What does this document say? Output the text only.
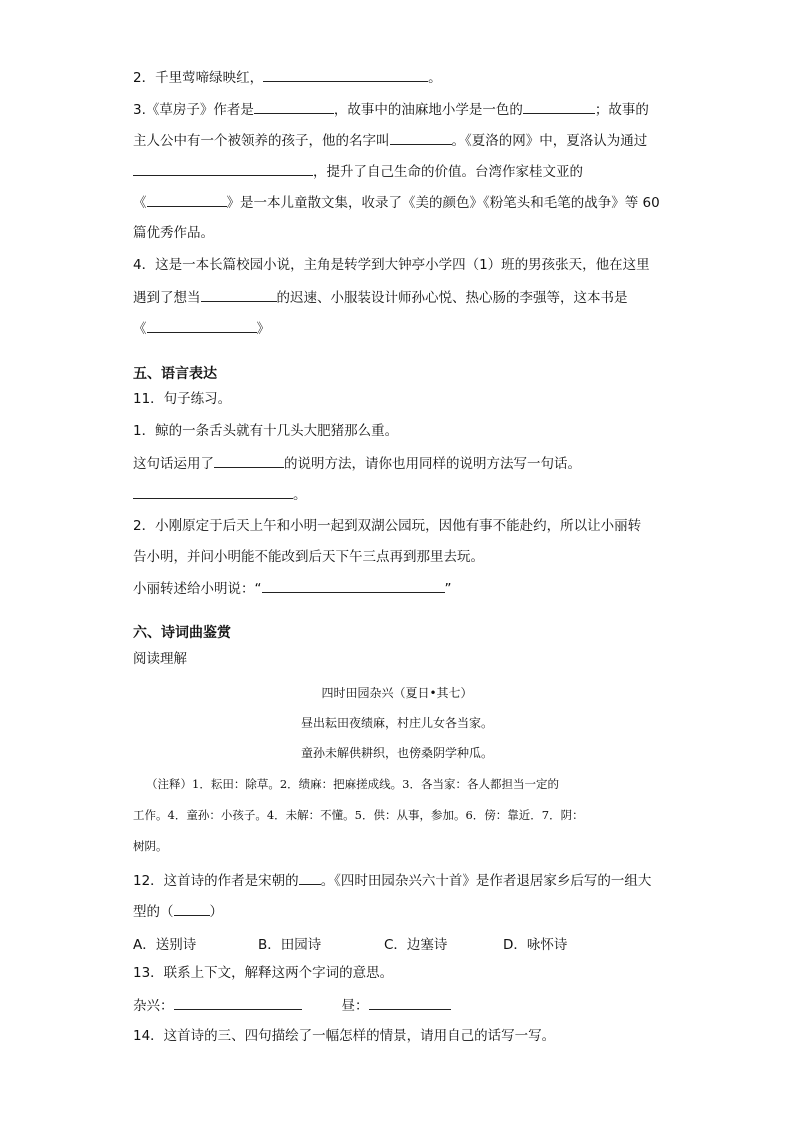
2．千里莺啼绿映红，	。
3.《草房子》作者是	，故事中的油麻地小学是一色的	；故事的
主人公中有一个被领养的孩子，他的名字叫	。《夏洛的网》中，夏洛认为通过
，提升了自己生命的价值。台湾作家桂文亚的
《	》是一本儿童散文集，收录了《美的颜色》《粉笔头和毛笔的战争》等 60
篇优秀作品。
4．这是一本长篇校园小说，主角是转学到大钟亭小学四（1）班的男孩张天，他在这里
遇到了想当	的迟速、小服装设计师孙心悦、热心肠的李强等，这本书是
《	》
五、语言表达
11．句子练习。
1．鲸的一条舌头就有十几头大肥猪那么重。
这句话运用了	的说明方法，请你也用同样的说明方法写一句话。
。
2．小刚原定于后天上午和小明一起到双湖公园玩，因他有事不能赴约，所以让小丽转
告小明，并问小明能不能改到后天下午三点再到那里去玩。
小丽转述给小明说：“	”
六、诗词曲鉴赏
阅读理解
四时田园杂兴（夏日•其七）
昼出耘田夜绩麻，村庄儿女各当家。
童孙未解供耕织，也傍桑阴学种瓜。
（注释）1．耘田：除草。2．绩麻：把麻搓成线。3．各当家：各人都担当一定的
工作。4．童孙：小孩子。4．未解：不懂。5．供：从事，参加。6．傍：靠近．7．阴：
树阴。
12．这首诗的作者是宋朝的 。《四时田园杂兴六十首》是作者退居家乡后写的一组大
型的（	）
A．送别诗	B．田园诗	C．边塞诗	D．咏怀诗
13．联系上下文，解释这两个字词的意思。
杂兴：	昼：
14．这首诗的三、四句描绘了一幅怎样的情景，请用自己的话写一写。
